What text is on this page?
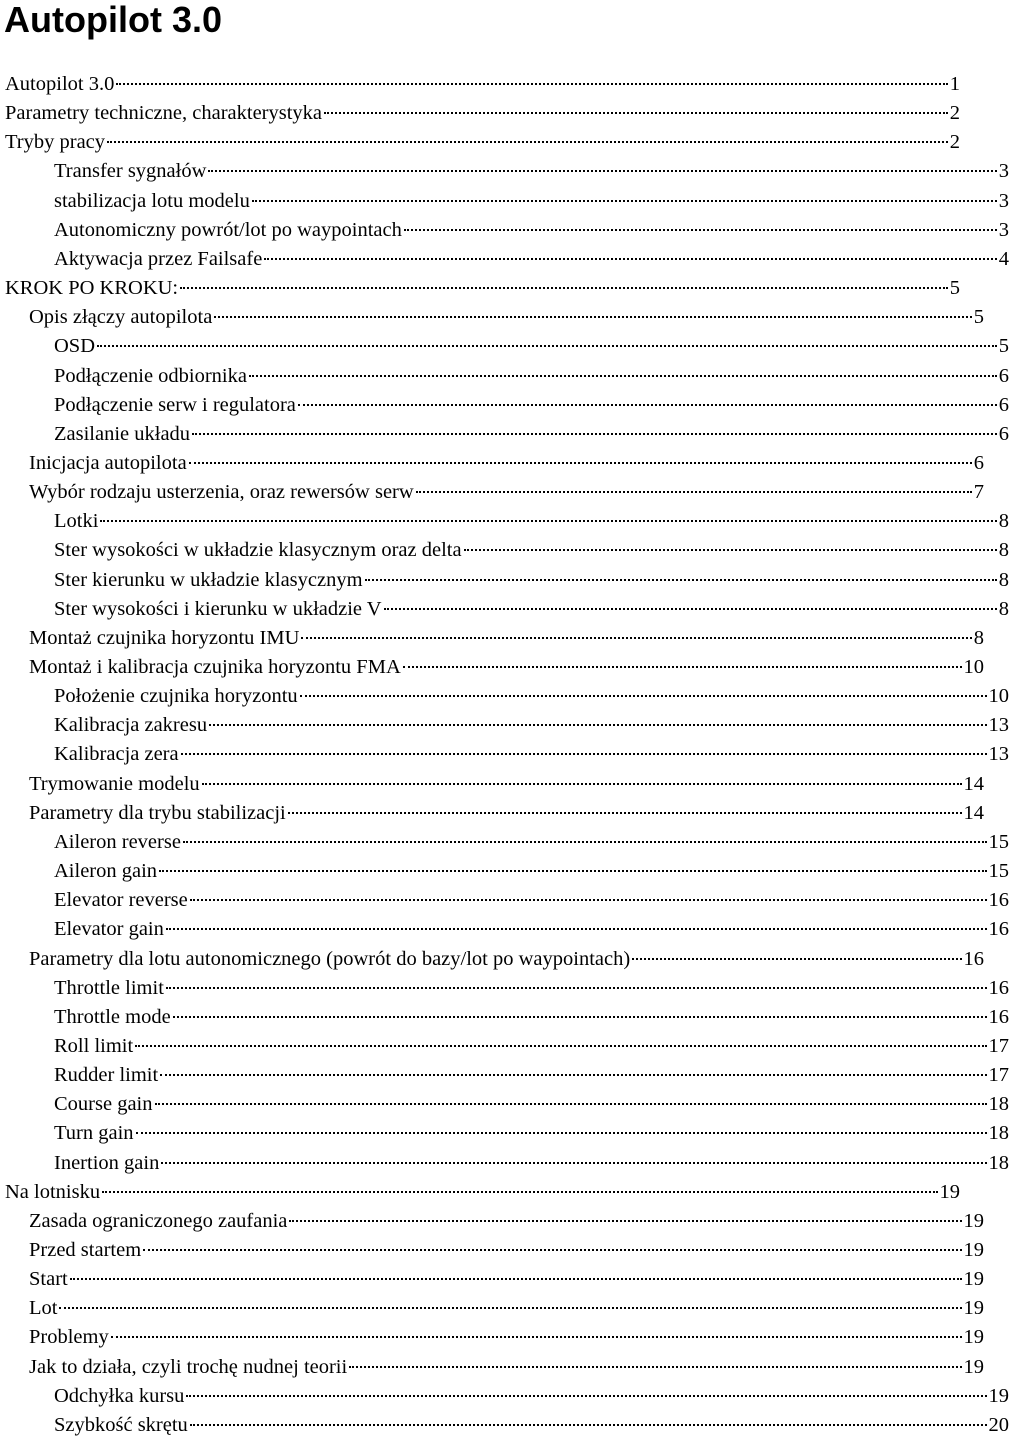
Autopilot 3.0
Autopilot 3.0	1
Parametry techniczne, charakterystyka	2
Tryby pracy	2
Transfer sygnałów	3
stabilizacja lotu modelu	3
Autonomiczny powrót/lot po waypointach	3
Aktywacja przez Failsafe	4
KROK PO KROKU:	5
Opis złączy autopilota	5
OSD	5
Podłączenie odbiornika	6
Podłączenie serw i regulatora	6
Zasilanie układu	6
Inicjacja autopilota	6
Wybór rodzaju usterzenia, oraz rewersów serw	7
Lotki	8
Ster wysokości w układzie klasycznym oraz delta	8
Ster kierunku w układzie klasycznym	8
Ster wysokości i kierunku w układzie V	8
Montaż czujnika horyzontu IMU	8
Montaż i kalibracja czujnika horyzontu FMA	10
Położenie czujnika horyzontu	10
Kalibracja zakresu	13
Kalibracja zera	13
Trymowanie modelu	14
Parametry dla trybu stabilizacji	14
Aileron reverse	15
Aileron gain	15
Elevator reverse	16
Elevator gain	16
Parametry dla lotu autonomicznego (powrót do bazy/lot po waypointach)	16
Throttle limit	16
Throttle mode	16
Roll limit	17
Rudder limit	17
Course gain	18
Turn gain	18
Inertion gain	18
Na lotnisku	19
Zasada ograniczonego zaufania	19
Przed startem	19
Start	19
Lot	19
Problemy	19
Jak to działa, czyli trochę nudnej teorii	19
Odchyłka kursu	19
Szybkość skrętu	20
